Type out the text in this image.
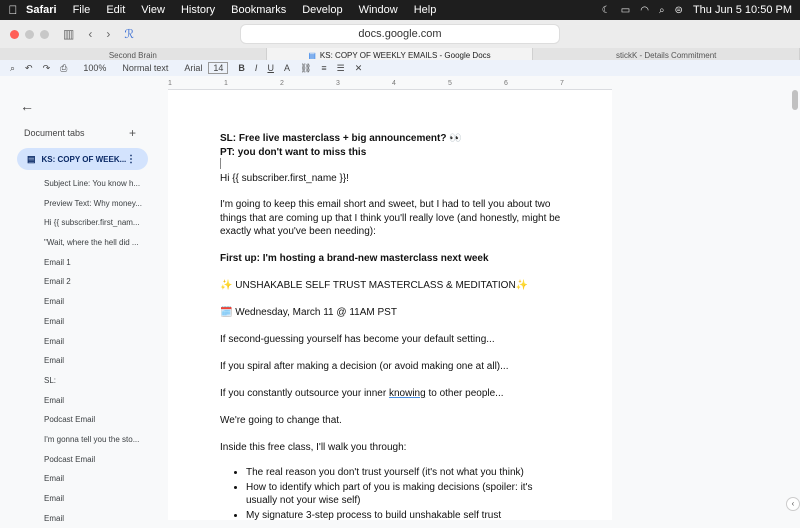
Safari File Edit View History Bookmarks Develop Window Help	☾ ▭ ◠ ⌕ ⊜ Thu Jun 5 10:50 PM
▥ ‹ › ℛ	docs.google.com
Second Brain	▤ KS: COPY OF WEEKLY EMAILS - Google Docs	stickK - Details Commitment
⌕ ↶ ↷ ⎙ 100% Normal text Arial	14	B I U A ⛓ ≡ ☰ ✕
1	1	2	3	4	5	6	7
←
Document tabs	+
▤ KS: COPY OF WEEK... ⋮
Subject Line: You know h...
Preview Text: Why money...
Hi {{ subscriber.first_nam...
"Wait, where the hell did ...
Email 1
Email 2
Email
Email
Email
Email
SL:
Email
Podcast Email
I'm gonna tell you the sto...
Podcast Email
Email
Email
Email
SL: Free live masterclass + big announcement? 👀
PT: you don't want to miss this
Hi {{ subscriber.first_name }}!
I'm going to keep this email short and sweet, but I had to tell you about two things that are coming up that I think you'll really love (and honestly, might be exactly what you've been needing):
First up: I'm hosting a brand-new masterclass next week
✨ UNSHAKABLE SELF TRUST MASTERCLASS & MEDITATION✨
🗓️ Wednesday, March 11 @ 11AM PST
If second-guessing yourself has become your default setting...
If you spiral after making a decision (or avoid making one at all)...
If you constantly outsource your inner knowing to other people...
We're going to change that.
Inside this free class, I'll walk you through:
• The real reason you don't trust yourself (it's not what you think)
• How to identify which part of you is making decisions (spoiler: it's usually not your wise self)
• My signature 3-step process to build unshakable self trust
‹
